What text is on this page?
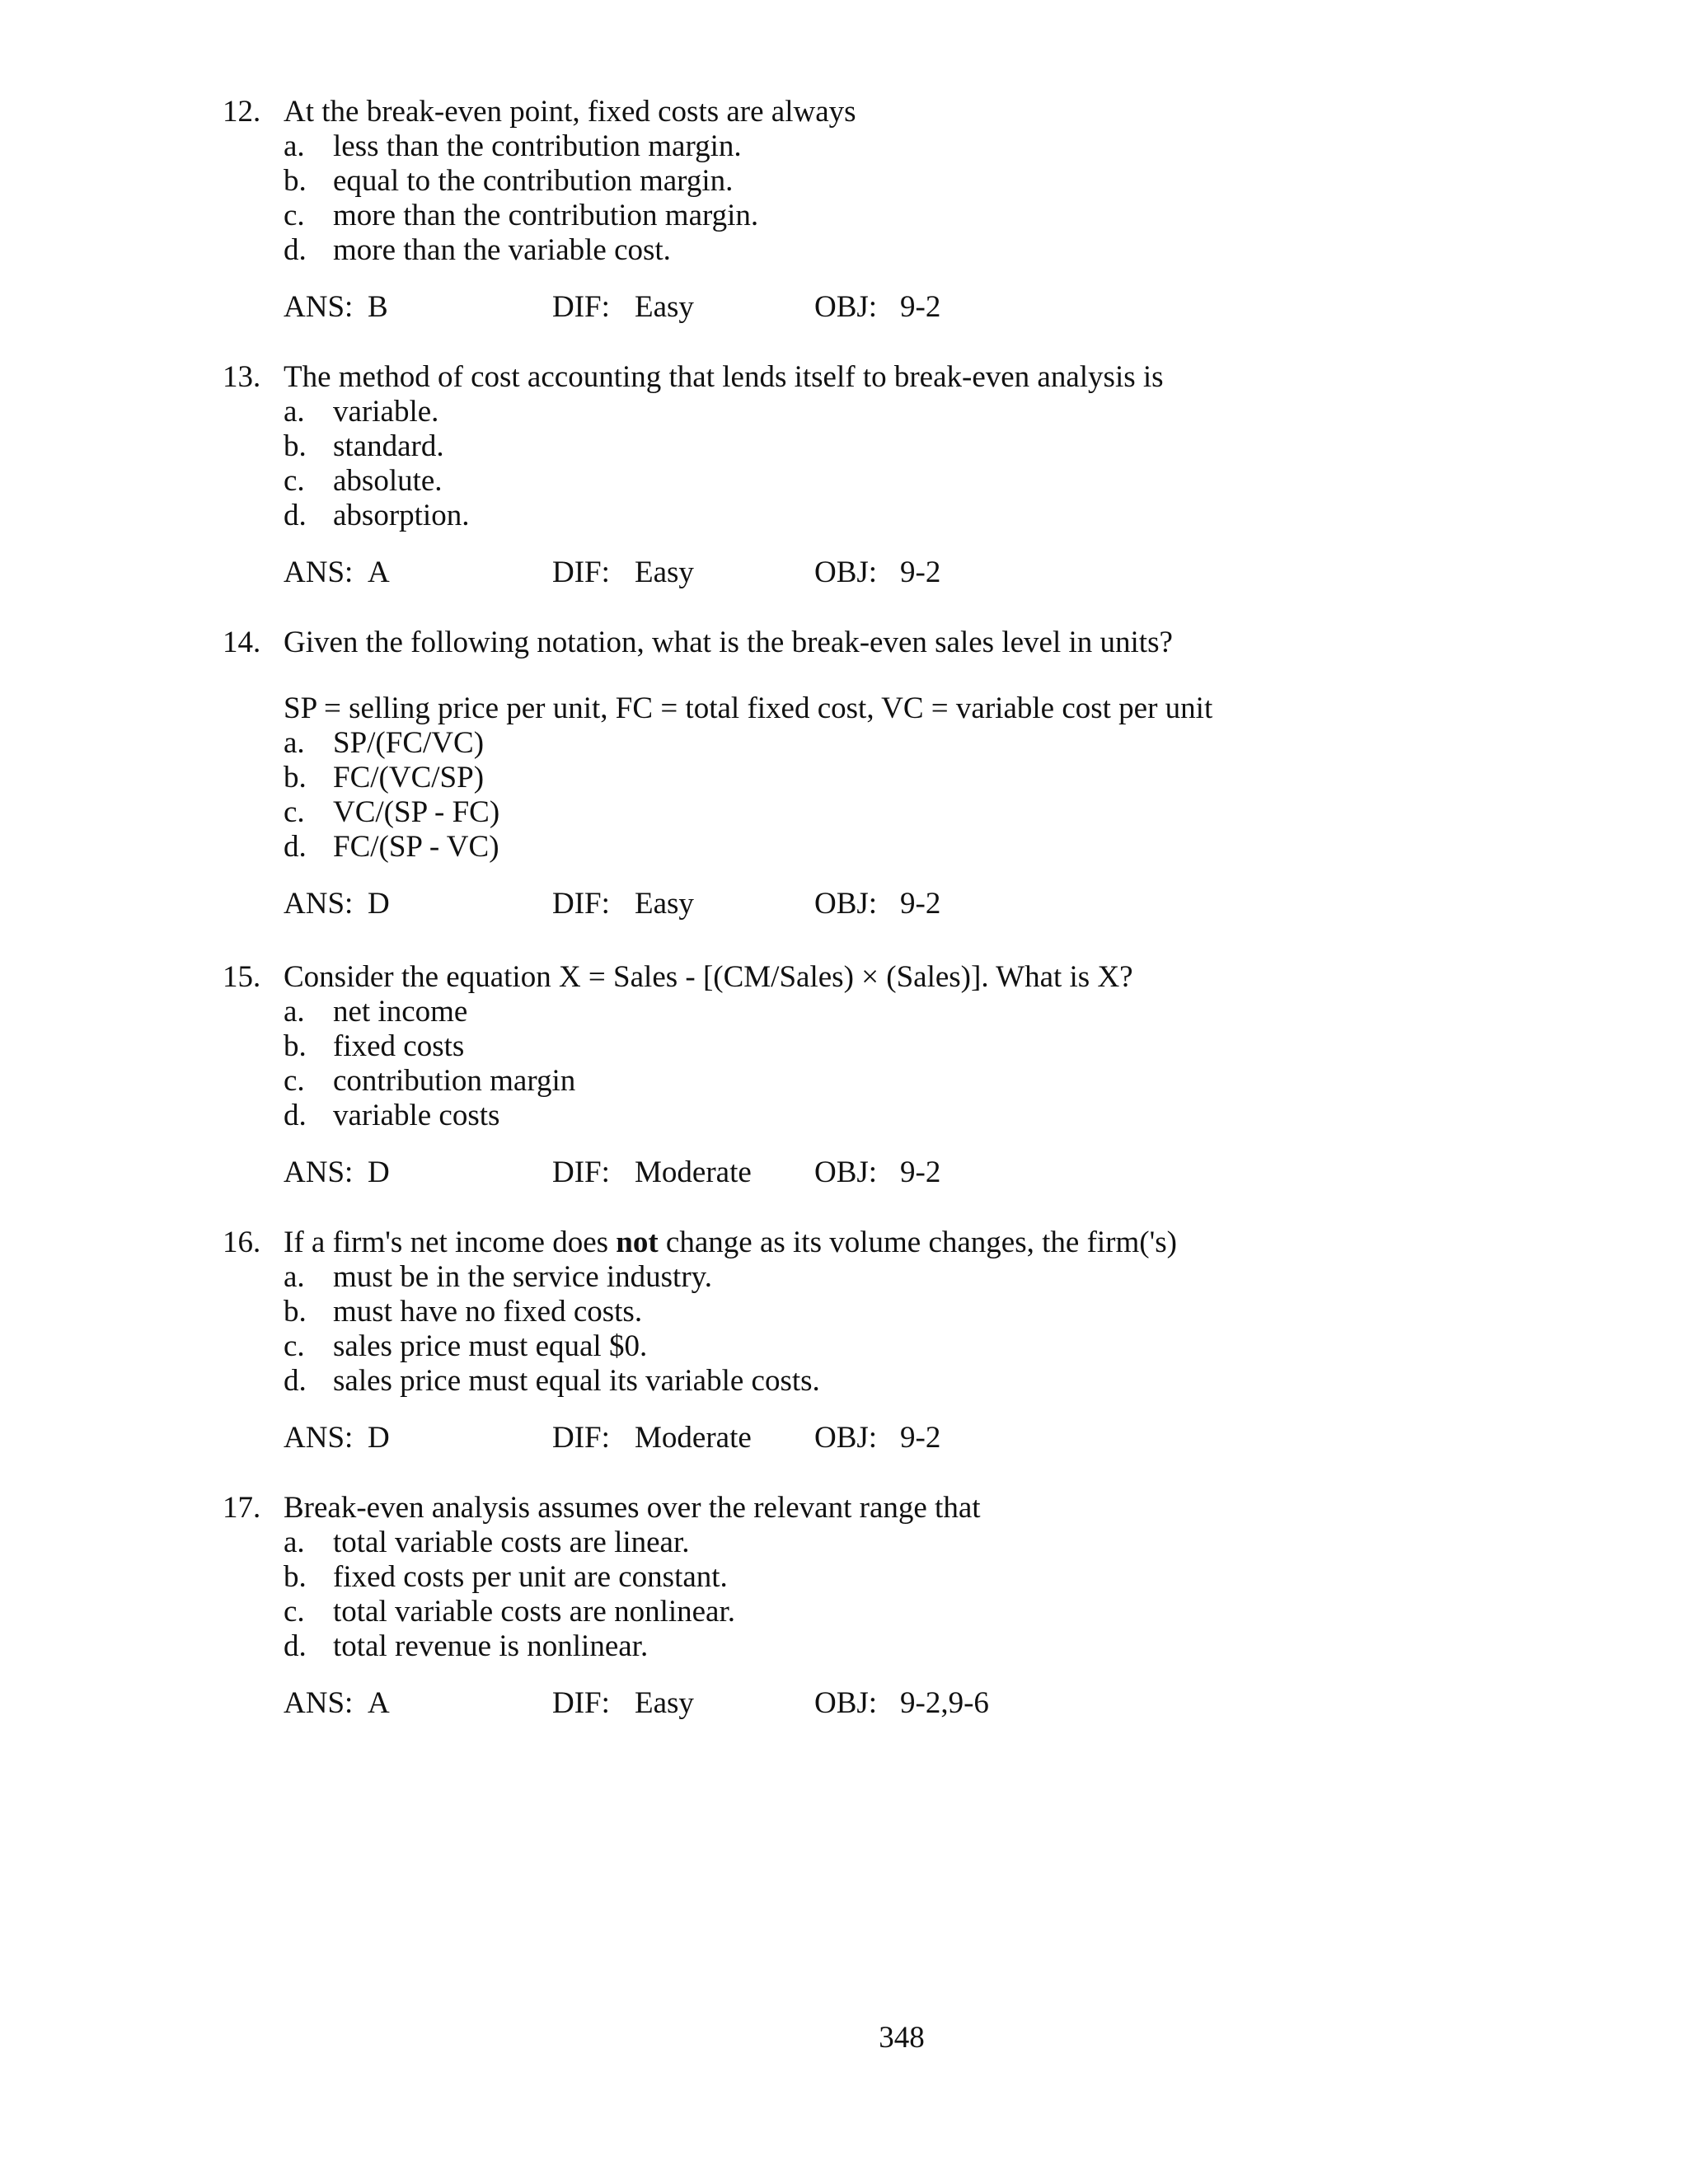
12. At the break-even point, fixed costs are always
a. less than the contribution margin.
b. equal to the contribution margin.
c. more than the contribution margin.
d. more than the variable cost.
ANS: B	DIF: Easy	OBJ: 9-2
13. The method of cost accounting that lends itself to break-even analysis is
a. variable.
b. standard.
c. absolute.
d. absorption.
ANS: A	DIF: Easy	OBJ: 9-2
14. Given the following notation, what is the break-even sales level in units?
SP = selling price per unit, FC = total fixed cost, VC = variable cost per unit
a. SP/(FC/VC)
b. FC/(VC/SP)
c. VC/(SP - FC)
d. FC/(SP - VC)
ANS: D	DIF: Easy	OBJ: 9-2
15. Consider the equation X = Sales - [(CM/Sales) × (Sales)]. What is X?
a. net income
b. fixed costs
c. contribution margin
d. variable costs
ANS: D	DIF: Moderate OBJ: 9-2
16. If a firm's net income does not change as its volume changes, the firm('s)
a. must be in the service industry.
b. must have no fixed costs.
c. sales price must equal $0.
d. sales price must equal its variable costs.
ANS: D	DIF: Moderate OBJ: 9-2
17. Break-even analysis assumes over the relevant range that
a. total variable costs are linear.
b. fixed costs per unit are constant.
c. total variable costs are nonlinear.
d. total revenue is nonlinear.
ANS: A	DIF: Easy	OBJ: 9-2,9-6
348
